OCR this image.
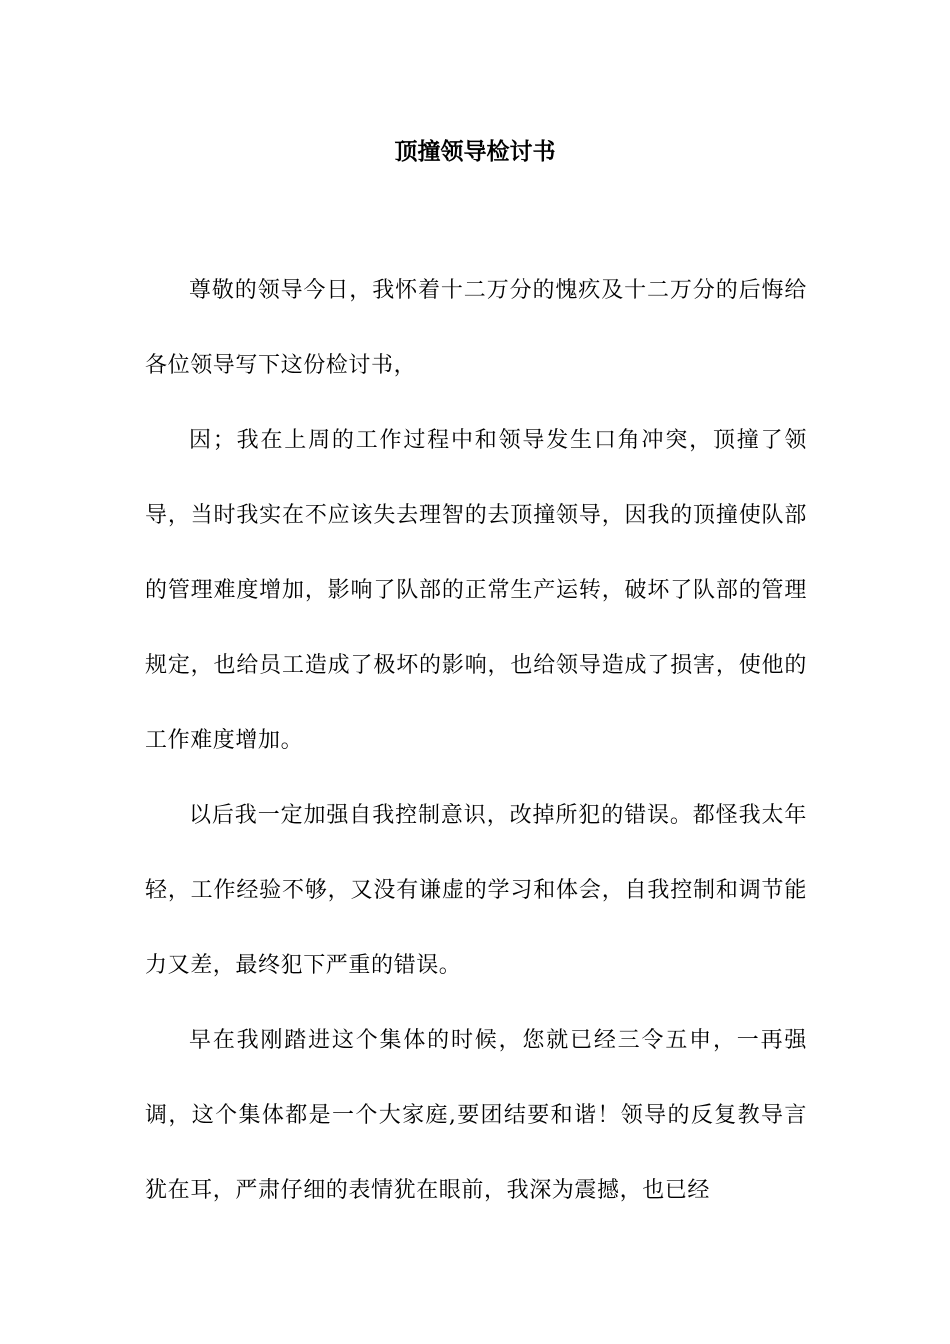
顶撞领导检讨书

尊敬的领导今日，我怀着十二万分的愧疚及十二万分的后悔给各位领导写下这份检讨书，

因；我在上周的工作过程中和领导发生口角冲突，顶撞了领导，当时我实在不应该失去理智的去顶撞领导，因我的顶撞使队部的管理难度增加，影响了队部的正常生产运转，破坏了队部的管理规定，也给员工造成了极坏的影响，也给领导造成了损害，使他的工作难度增加。

以后我一定加强自我控制意识，改掉所犯的错误。都怪我太年轻，工作经验不够，又没有谦虚的学习和体会，自我控制和调节能力又差，最终犯下严重的错误。

早在我刚踏进这个集体的时候，您就已经三令五申，一再强调，这个集体都是一个大家庭,要团结要和谐！领导的反复教导言犹在耳，严肃仔细的表情犹在眼前，我深为震撼，也已经
